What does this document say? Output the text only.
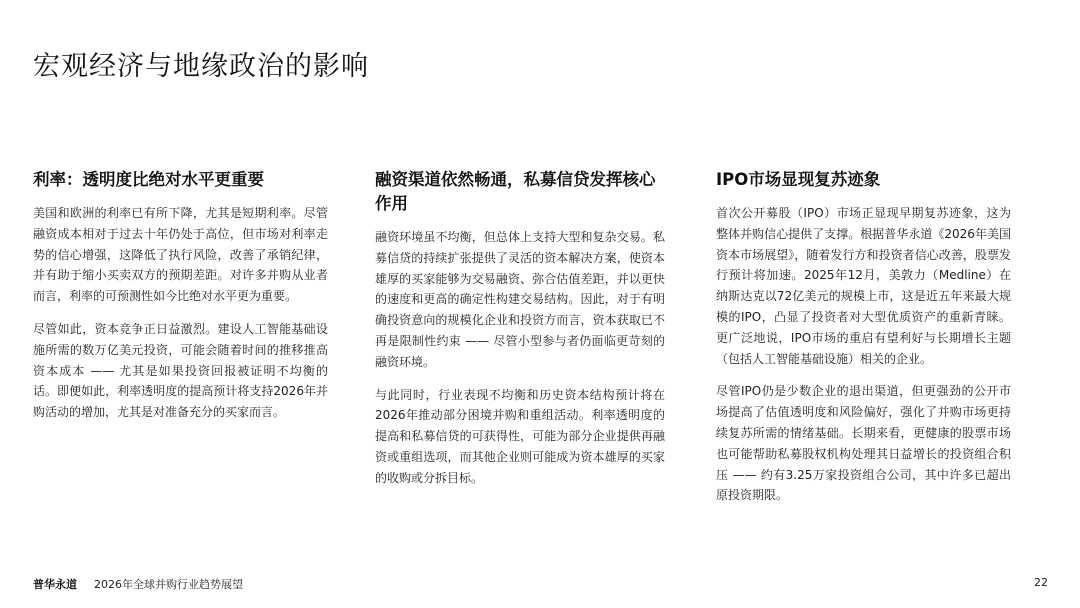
宏观经济与地缘政治的影响
利率：透明度比绝对水平更重要

美国和欧洲的利率已有所下降，尤其是短期利率。尽管融资成本相对于过去十年仍处于高位，但市场对利率走势的信心增强，这降低了执行风险，改善了承销纪律，并有助于缩小买卖双方的预期差距。对许多并购从业者而言，利率的可预测性如今比绝对水平更为重要。

尽管如此，资本竞争正日益激烈。建设人工智能基础设施所需的数万亿美元投资，可能会随着时间的推移推高资本成本 —— 尤其是如果投资回报被证明不均衡的话。即便如此，利率透明度的提高预计将支持2026年并购活动的增加，尤其是对准备充分的买家而言。

融资渠道依然畅通，私募信贷发挥核心作用

融资环境虽不均衡，但总体上支持大型和复杂交易。私募信贷的持续扩张提供了灵活的资本解决方案，使资本雄厚的买家能够为交易融资、弥合估值差距，并以更快的速度和更高的确定性构建交易结构。因此，对于有明确投资意向的规模化企业和投资方而言，资本获取已不再是限制性约束 —— 尽管小型参与者仍面临更苛刻的融资环境。

与此同时，行业表现不均衡和历史资本结构预计将在2026年推动部分困境并购和重组活动。利率透明度的提高和私募信贷的可获得性，可能为部分企业提供再融资或重组选项，而其他企业则可能成为资本雄厚的买家的收购或分拆目标。

IPO市场显现复苏迹象

首次公开募股（IPO）市场正显现早期复苏迹象，这为整体并购信心提供了支撑。根据普华永道《2026年美国资本市场展望》，随着发行方和投资者信心改善，股票发行预计将加速。2025年12月，美敦力（Medline）在纳斯达克以72亿美元的规模上市，这是近五年来最大规模的IPO，凸显了投资者对大型优质资产的重新青睐。更广泛地说，IPO市场的重启有望利好与长期增长主题（包括人工智能基础设施）相关的企业。

尽管IPO仍是少数企业的退出渠道，但更强劲的公开市场提高了估值透明度和风险偏好，强化了并购市场更持续复苏所需的情绪基础。长期来看，更健康的股票市场也可能帮助私募股权机构处理其日益增长的投资组合积压 —— 约有3.25万家投资组合公司，其中许多已超出原投资期限。

普华永道 2026年全球并购行业趋势展望	22
